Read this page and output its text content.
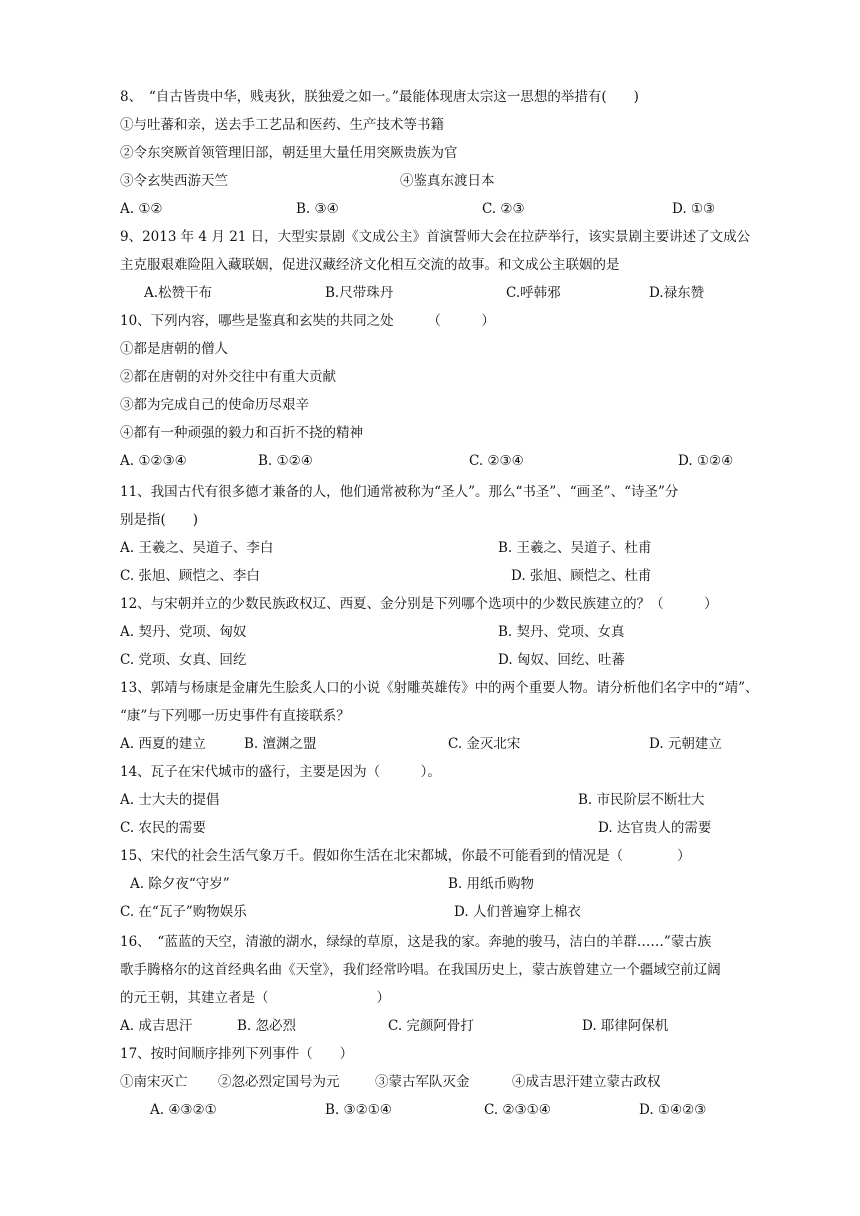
8、　“自古皆贵中华，贱夷狄，朕独爱之如一。”最能体现唐太宗这一思想的举措有(　　)
①与吐蕃和亲，送去手工艺品和医药、生产技术等书籍
②令东突厥首领管理旧部，朝廷里大量任用突厥贵族为官
③令玄奘西游天竺	④鉴真东渡日本
A. ①②	B. ③④	C. ②③	D. ①③
9、2013 年 4 月 21 日，大型实景剧《文成公主》首演誓师大会在拉萨举行，该实景剧主要讲述了文成公
主克服艰难险阻入藏联姻，促进汉藏经济文化相互交流的故事。和文成公主联姻的是
A.松赞干布	B.尺带珠丹	C.呼韩邪	D.禄东赞
10、下列内容，哪些是鉴真和玄奘的共同之处　　　（　　　）
①都是唐朝的僧人
②都在唐朝的对外交往中有重大贡献
③都为完成自己的使命历尽艰辛
④都有一种顽强的毅力和百折不挠的精神
A. ①②③④	B. ①②④	C. ②③④	D. ①②④
11、我国古代有很多德才兼备的人，他们通常被称为“圣人”。那么“书圣”、“画圣”、“诗圣”分
别是指(　　)
A. 王羲之、吴道子、李白	B. 王羲之、吴道子、杜甫
C. 张旭、顾恺之、李白	D. 张旭、顾恺之、杜甫
12、与宋朝并立的少数民族政权辽、西夏、金分别是下列哪个选项中的少数民族建立的？（　　　）
A. 契丹、党项、匈奴	B. 契丹、党项、女真
C. 党项、女真、回纥	D. 匈奴、回纥、吐蕃
13、郭靖与杨康是金庸先生脍炙人口的小说《射雕英雄传》中的两个重要人物。请分析他们名字中的“靖”、
“康”与下列哪一历史事件有直接联系？
A. 西夏的建立	B. 澶渊之盟	C. 金灭北宋	D. 元朝建立
14、瓦子在宋代城市的盛行，主要是因为（　　　）。
A. 士大夫的提倡	B. 市民阶层不断壮大
C. 农民的需要	D. 达官贵人的需要
15、宋代的社会生活气象万千。假如你生活在北宋都城，你最不可能看到的情况是（　　　　）
A. 除夕夜“守岁”	B. 用纸币购物
C. 在“瓦子”购物娱乐	D. 人们普遍穿上棉衣
16、　“蓝蓝的天空，清澈的湖水，绿绿的草原，这是我的家。奔驰的骏马，洁白的羊群……”蒙古族
歌手腾格尔的这首经典名曲《天堂》，我们经常吟唱。在我国历史上，蒙古族曾建立一个疆域空前辽阔
的元王朝，其建立者是（　　　　　　　　）
A. 成吉思汗	B. 忽必烈	C. 完颜阿骨打	D. 耶律阿保机
17、按时间顺序排列下列事件（　　）
①南宋灭亡 ②忽必烈定国号为元	③蒙古军队灭金	④成吉思汗建立蒙古政权
A. ④③②①	B. ③②①④	C. ②③①④	D. ①④②③
